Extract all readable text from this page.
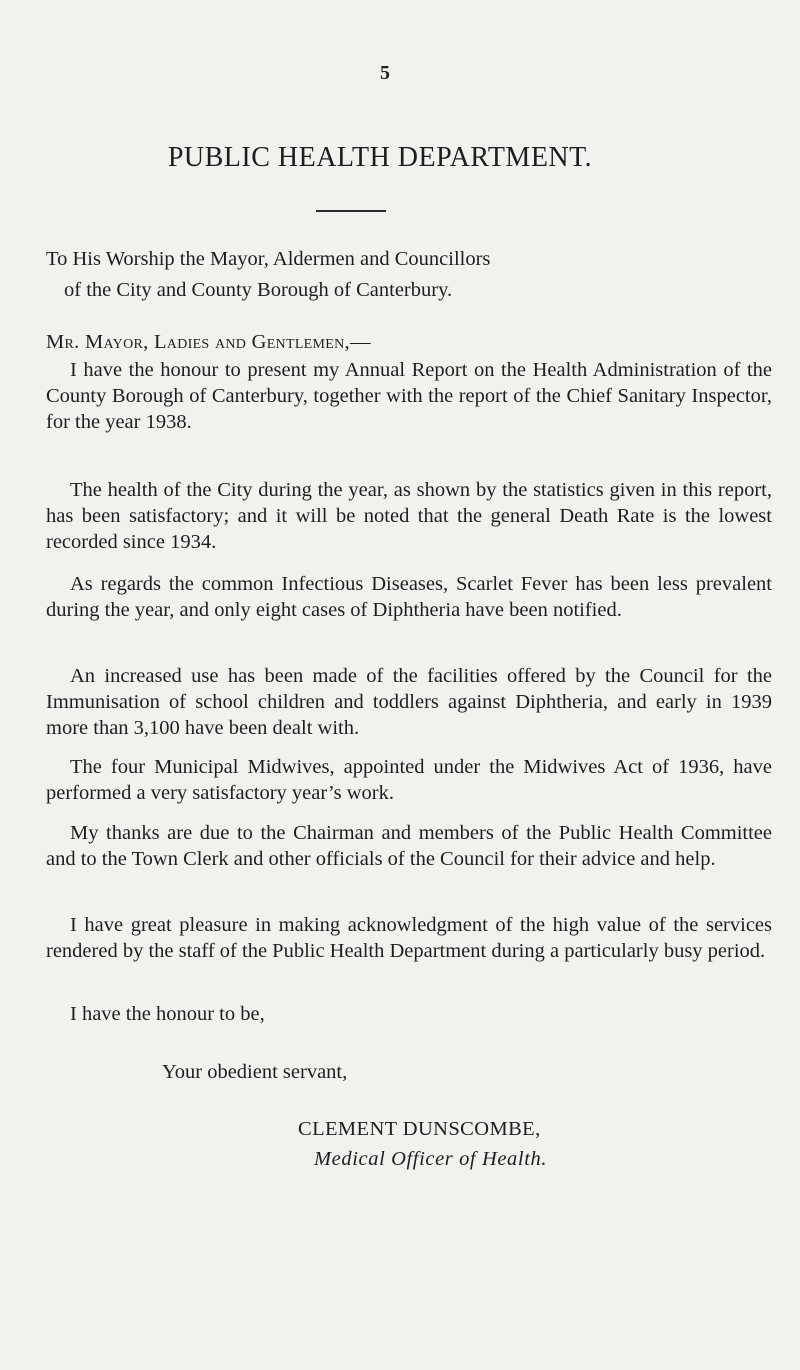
5
PUBLIC HEALTH DEPARTMENT.
To His Worship the Mayor, Aldermen and Councillors
of the City and County Borough of Canterbury.
Mr. Mayor, Ladies and Gentlemen,—

I have the honour to present my Annual Report on the Health Administration of the County Borough of Canterbury, together with the report of the Chief Sanitary Inspector, for the year 1938.

The health of the City during the year, as shown by the statistics given in this report, has been satisfactory; and it will be noted that the general Death Rate is the lowest recorded since 1934.

As regards the common Infectious Diseases, Scarlet Fever has been less prevalent during the year, and only eight cases of Diphtheria have been notified.

An increased use has been made of the facilities offered by the Council for the Immunisation of school children and toddlers against Diphtheria, and early in 1939 more than 3,100 have been dealt with.

The four Municipal Midwives, appointed under the Midwives Act of 1936, have performed a very satisfactory year’s work.

My thanks are due to the Chairman and members of the Public Health Committee and to the Town Clerk and other officials of the Council for their advice and help.

I have great pleasure in making acknowledgment of the high value of the services rendered by the staff of the Public Health Department during a particularly busy period.

I have the honour to be,
Your obedient servant,
CLEMENT DUNSCOMBE,
Medical Officer of Health.
